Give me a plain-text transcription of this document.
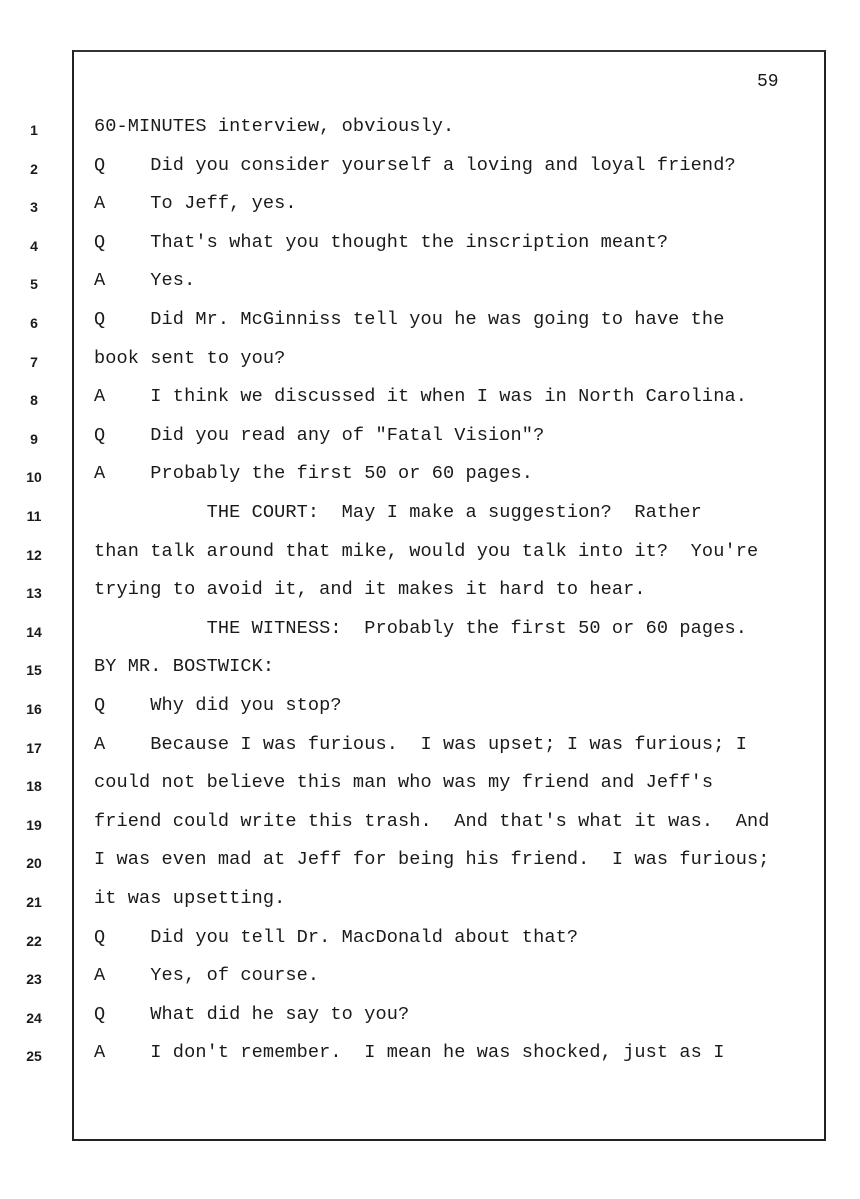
59
1	60-MINUTES interview, obviously.
2	Q    Did you consider yourself a loving and loyal friend?
3	A    To Jeff, yes.
4	Q    That's what you thought the inscription meant?
5	A    Yes.
6	Q    Did Mr. McGinniss tell you he was going to have the
7	book sent to you?
8	A    I think we discussed it when I was in North Carolina.
9	Q    Did you read any of "Fatal Vision"?
10	A    Probably the first 50 or 60 pages.
11	THE COURT:  May I make a suggestion?  Rather
12	than talk around that mike, would you talk into it?  You're
13	trying to avoid it, and it makes it hard to hear.
14	THE WITNESS:  Probably the first 50 or 60 pages.
15	BY MR. BOSTWICK:
16	Q    Why did you stop?
17	A    Because I was furious.  I was upset; I was furious; I
18	could not believe this man who was my friend and Jeff's
19	friend could write this trash.  And that's what it was.  And
20	I was even mad at Jeff for being his friend.  I was furious;
21	it was upsetting.
22	Q    Did you tell Dr. MacDonald about that?
23	A    Yes, of course.
24	Q    What did he say to you?
25	A    I don't remember.  I mean he was shocked, just as I
